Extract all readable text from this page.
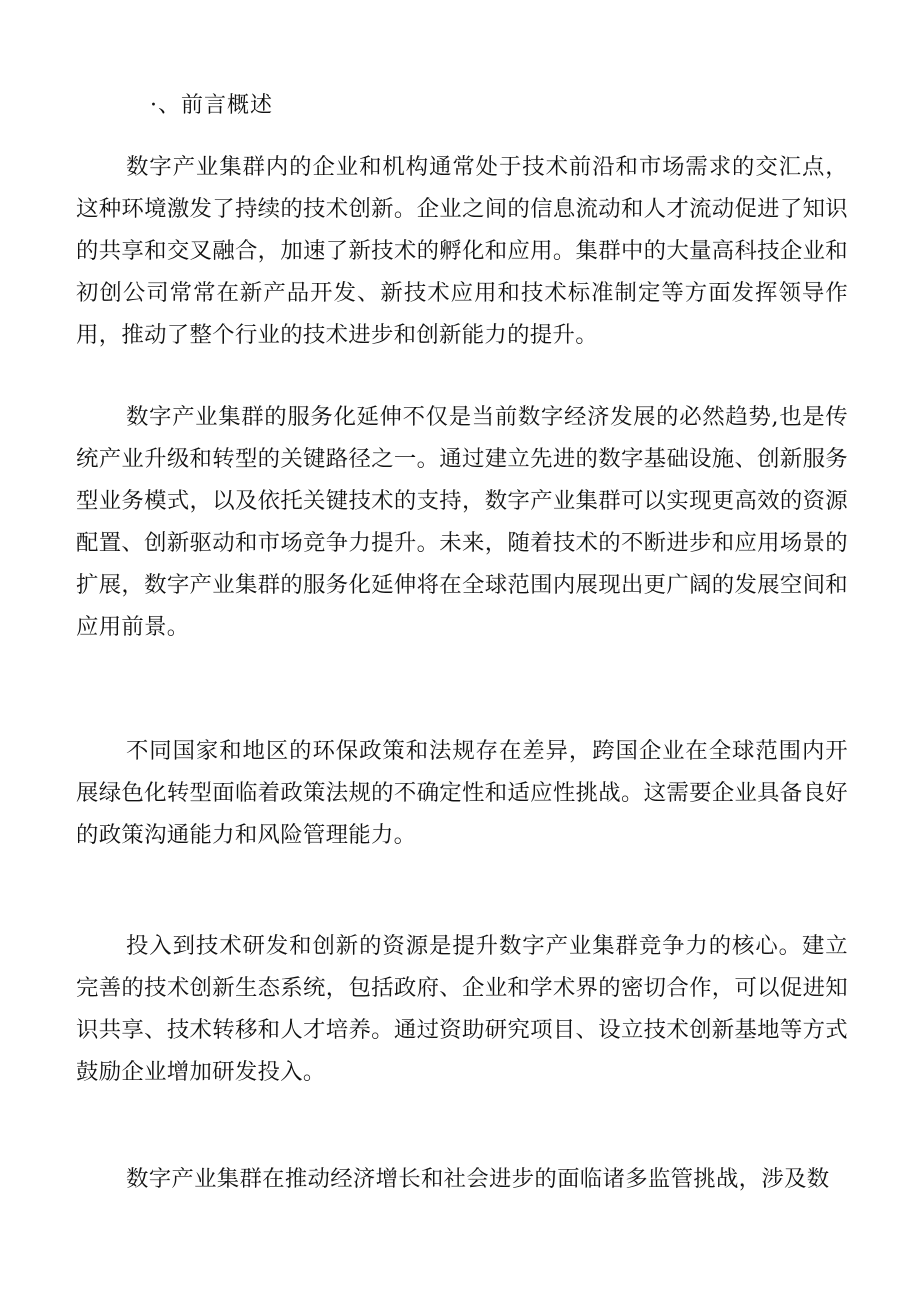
·、前言概述
数字产业集群内的企业和机构通常处于技术前沿和市场需求的交汇点，这种环境激发了持续的技术创新。企业之间的信息流动和人才流动促进了知识的共享和交叉融合，加速了新技术的孵化和应用。集群中的大量高科技企业和初创公司常常在新产品开发、新技术应用和技术标准制定等方面发挥领导作用，推动了整个行业的技术进步和创新能力的提升。
数字产业集群的服务化延伸不仅是当前数字经济发展的必然趋势,也是传统产业升级和转型的关键路径之一。通过建立先进的数字基础设施、创新服务型业务模式，以及依托关键技术的支持，数字产业集群可以实现更高效的资源配置、创新驱动和市场竞争力提升。未来，随着技术的不断进步和应用场景的扩展，数字产业集群的服务化延伸将在全球范围内展现出更广阔的发展空间和应用前景。
不同国家和地区的环保政策和法规存在差异，跨国企业在全球范围内开展绿色化转型面临着政策法规的不确定性和适应性挑战。这需要企业具备良好的政策沟通能力和风险管理能力。
投入到技术研发和创新的资源是提升数字产业集群竞争力的核心。建立完善的技术创新生态系统，包括政府、企业和学术界的密切合作，可以促进知识共享、技术转移和人才培养。通过资助研究项目、设立技术创新基地等方式鼓励企业增加研发投入。
数字产业集群在推动经济增长和社会进步的面临诸多监管挑战，涉及数
